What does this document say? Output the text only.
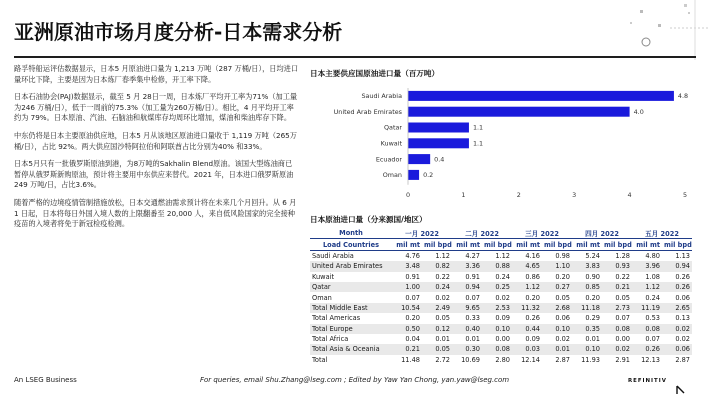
亚洲原油市场月度分析-日本需求分析

路孚特船运评估数据显示，日本5 月原油进口量为 1,213 万吨（287 万桶/日），日均进口量环比下降，主要是因为日本炼厂春季集中检修，开工率下降。

日本石油协会(PAJ)数据显示，截至 5 月 28日一周，日本炼厂平均开工率为71%（加工量为246 万桶/日），低于一周前的75.3%（加工量为260万桶/日）。相比，4 月平均开工率约为 79%。日本原油、汽油、石脑油和航煤库存均周环比增加，煤油和柴油库存下降。

中东仍将是日本主要原油供应地，日本5 月从该地区原油进口量收于 1,119 万吨（265万桶/日），占比 92%。两大供应国沙特阿拉伯和阿联酋占比分别为40% 和33%。

日本5月只有一批俄罗斯原油到港，为8万吨的Sakhalin Blend原油。该国大型炼油商已暂停从俄罗斯新购原油，预计将主要用中东供应来替代。2021 年，日本进口俄罗斯原油 249 万吨/日，占比3.6%。

随着严格的边境疫情管制措施放松，日本交通燃油需求预计将在未来几个月回升。从 6 月 1 日起，日本将每日外国入境人数的上限翻番至 20,000 人，来自低风险国家的完全接种疫苗的入境者将免于新冠检疫检测。

日本主要供应国原油进口量（百万吨）
Saudi Arabia	4.8
United Arab Emirates	4.0
Qatar	1.1
Kuwait	1.1
Ecuador	0.4
Oman	0.2
0	1	2	3	4	5
日本原油进口量（分来源国/地区）
Month	一月 2022		二月 2022		三月 2022		四月 2022		五月 2022	
Load Countries	mil mt	mil bpd	mil mt	mil bpd	mil mt	mil bpd	mil mt	mil bpd	mil mt	mil bpd
Saudi Arabia	4.76	1.12	4.27	1.12	4.16	0.98	5.24	1.28	4.80	1.13
United Arab Emirates	3.48	0.82	3.36	0.88	4.65	1.10	3.83	0.93	3.96	0.94
Kuwait	0.91	0.22	0.91	0.24	0.86	0.20	0.90	0.22	1.08	0.26
Qatar	1.00	0.24	0.94	0.25	1.12	0.27	0.85	0.21	1.12	0.26
Oman	0.07	0.02	0.07	0.02	0.20	0.05	0.20	0.05	0.24	0.06
Total Middle East	10.54	2.49	9.65	2.53	11.32	2.68	11.18	2.73	11.19	2.65
Total Americas	0.20	0.05	0.33	0.09	0.26	0.06	0.29	0.07	0.53	0.13
Total Europe	0.50	0.12	0.40	0.10	0.44	0.10	0.35	0.08	0.08	0.02
Total Africa	0.04	0.01	0.01	0.00	0.09	0.02	0.01	0.00	0.07	0.02
Total Asia & Oceania	0.21	0.05	0.30	0.08	0.03	0.01	0.10	0.02	0.26	0.06
Total	11.48	2.72	10.69	2.80	12.14	2.87	11.93	2.91	12.13	2.87
An LSEG Business	For queries, email Shu.Zhang@lseg.com ; Edited by Yaw Yan Chong, yan.yaw@lseg.com	REFINITIV
